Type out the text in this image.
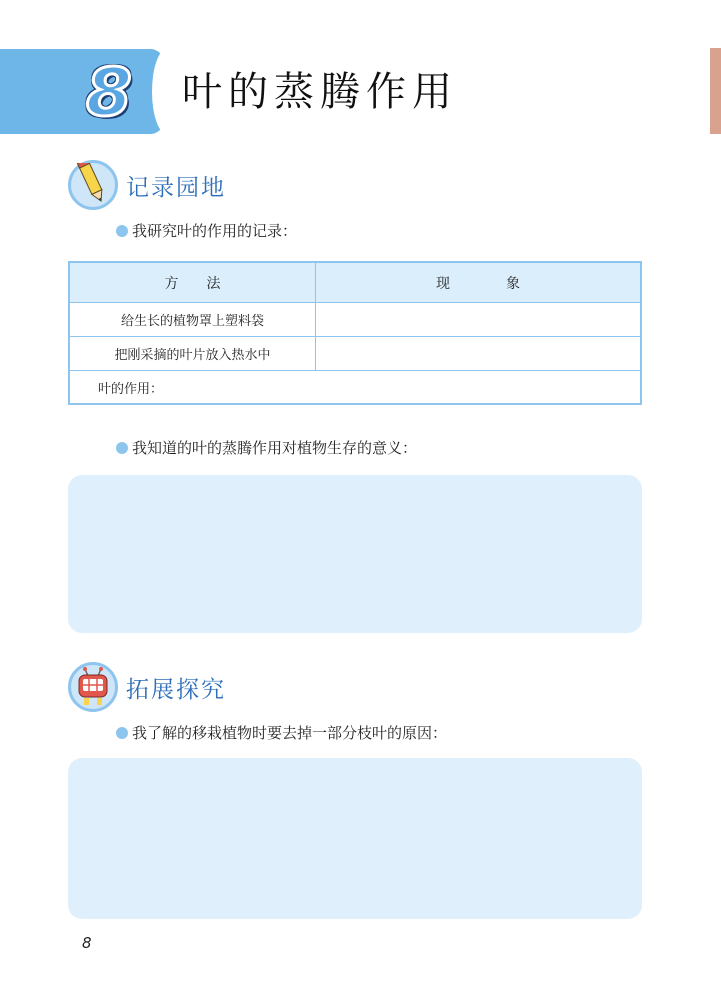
8 叶的蒸腾作用
记录园地
我研究叶的作用的记录：
方　　法	现　　　　象
给生长的植物罩上塑料袋
把刚采摘的叶片放入热水中
叶的作用：
我知道的叶的蒸腾作用对植物生存的意义：
拓展探究
我了解的移栽植物时要去掉一部分枝叶的原因：
8
